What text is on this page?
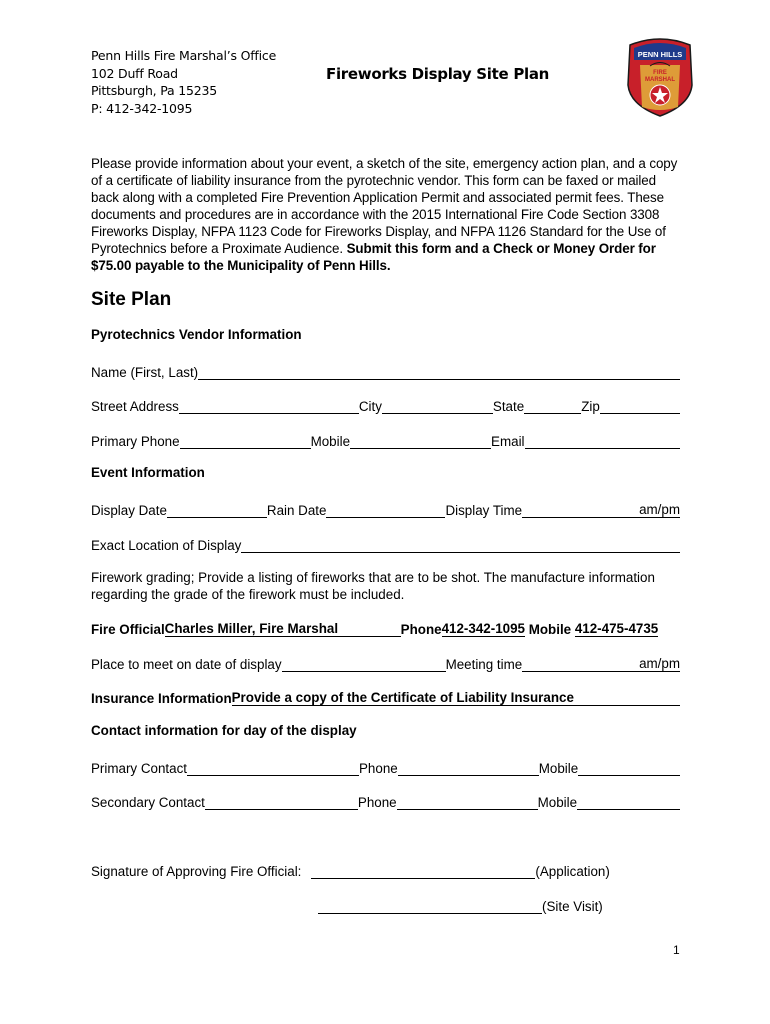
Penn Hills Fire Marshal’s Office
102 Duff Road
Pittsburgh, Pa 15235
P: 412-342-1095
Fireworks Display Site Plan
PENN HILLS
FIRE
MARSHAL
Please provide information about your event, a sketch of the site, emergency action plan, and a copy of a certificate of liability insurance from the pyrotechnic vendor. This form can be faxed or mailed back along with a completed Fire Prevention Application Permit and associated permit fees. These documents and procedures are in accordance with the 2015 International Fire Code Section 3308 Fireworks Display, NFPA 1123 Code for Fireworks Display, and NFPA 1126 Standard for the Use of Pyrotechnics before a Proximate Audience. Submit this form and a Check or Money Order for $75.00 payable to the Municipality of Penn Hills.
Site Plan
Pyrotechnics Vendor Information
Name (First, Last)
Street Address	City	State	Zip
Primary Phone	Mobile	Email
Event Information
Display Date	Rain Date	Display Time	am/pm
Exact Location of Display
Firework grading; Provide a listing of fireworks that are to be shot. The manufacture information regarding the grade of the firework must be included.
Fire Official Charles Miller, Fire Marshal	Phone 412-342-1095 Mobile 412-475-4735
Place to meet on date of display	Meeting time	am/pm
Insurance Information Provide a copy of the Certificate of Liability Insurance
Contact information for day of the display
Primary Contact	Phone	Mobile
Secondary Contact	Phone	Mobile
Signature of Approving Fire Official:	(Application)
(Site Visit)
1
